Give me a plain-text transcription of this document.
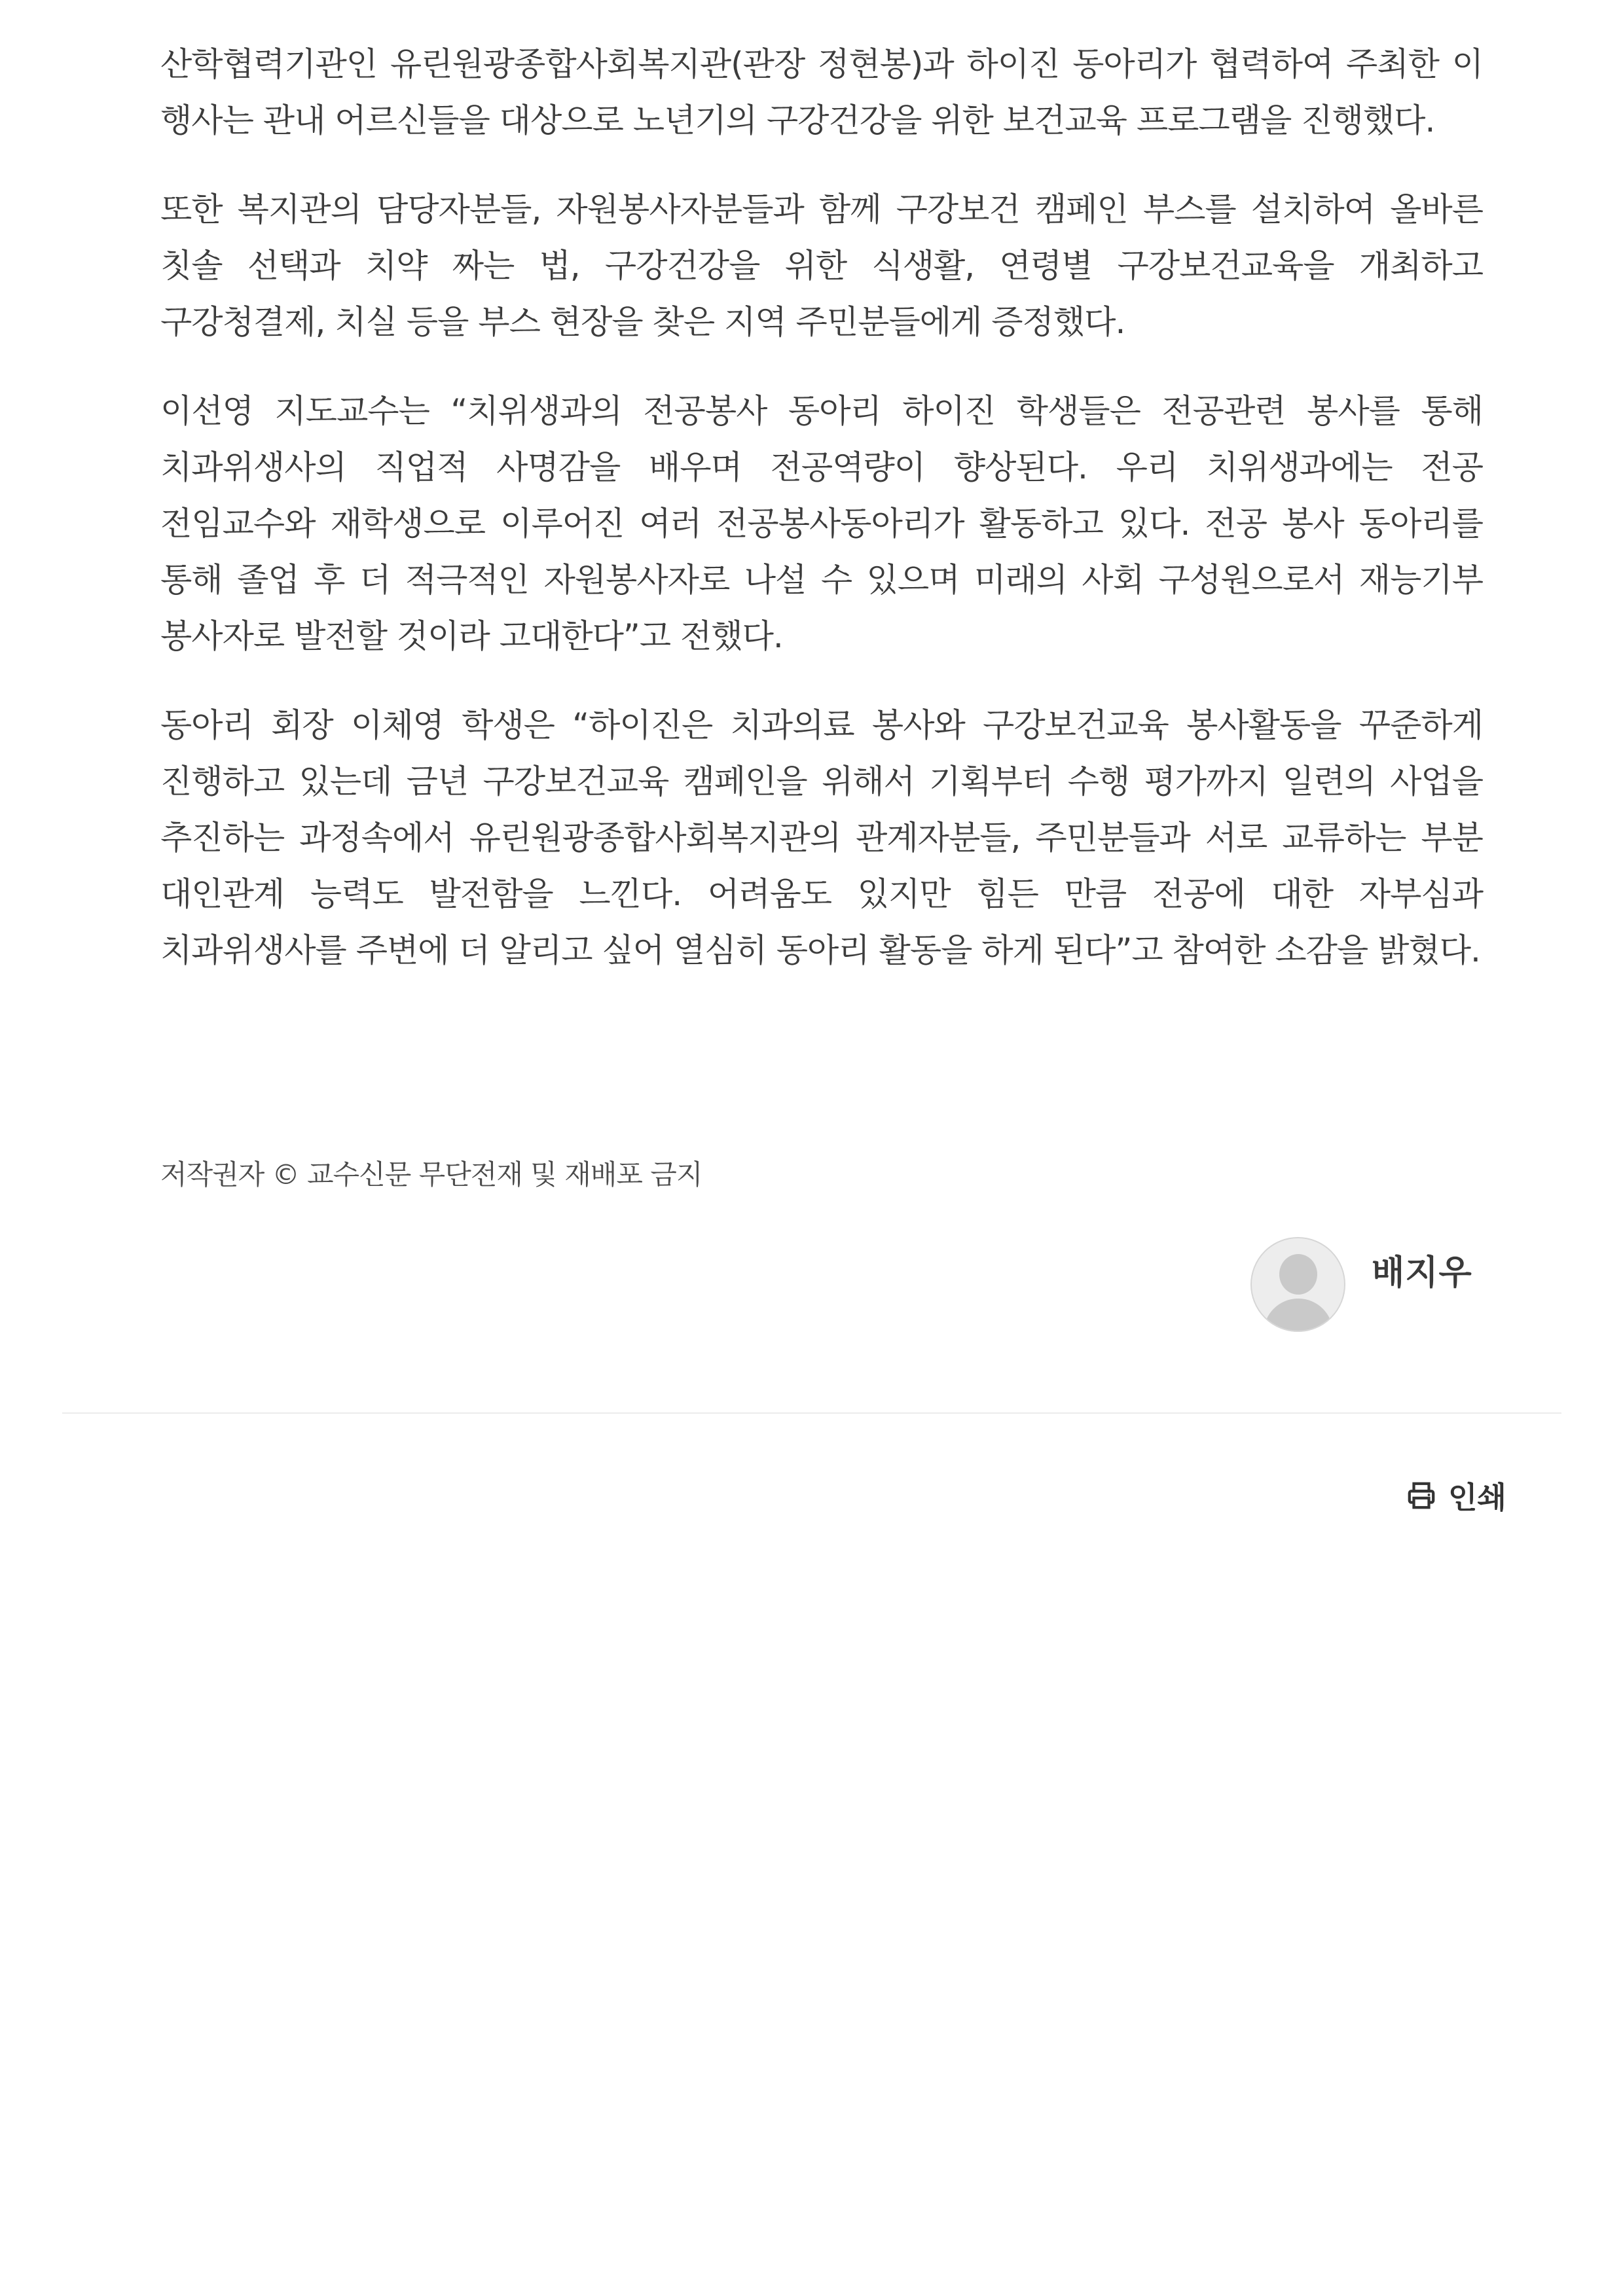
산학협력기관인 유린원광종합사회복지관(관장 정현봉)과 하이진 동아리가 협력하여 주최한 이 행사는 관내 어르신들을 대상으로 노년기의 구강건강을 위한 보건교육 프로그램을 진행했다.

또한 복지관의 담당자분들, 자원봉사자분들과 함께 구강보건 캠페인 부스를 설치하여 올바른 칫솔 선택과 치약 짜는 법, 구강건강을 위한 식생활, 연령별 구강보건교육을 개최하고 구강청결제, 치실 등을 부스 현장을 찾은 지역 주민분들에게 증정했다.

이선영 지도교수는 “치위생과의 전공봉사 동아리 하이진 학생들은 전공관련 봉사를 통해 치과위생사의 직업적 사명감을 배우며 전공역량이 향상된다. 우리 치위생과에는 전공 전임교수와 재학생으로 이루어진 여러 전공봉사동아리가 활동하고 있다. 전공 봉사 동아리를 통해 졸업 후 더 적극적인 자원봉사자로 나설 수 있으며 미래의 사회 구성원으로서 재능기부 봉사자로 발전할 것이라 고대한다”고 전했다.

동아리 회장 이체영 학생은 “하이진은 치과의료 봉사와 구강보건교육 봉사활동을 꾸준하게 진행하고 있는데 금년 구강보건교육 캠페인을 위해서 기획부터 수행 평가까지 일련의 사업을 추진하는 과정속에서 유린원광종합사회복지관의 관계자분들, 주민분들과 서로 교류하는 부분 대인관계 능력도 발전함을 느낀다. 어려움도 있지만 힘든 만큼 전공에 대한 자부심과 치과위생사를 주변에 더 알리고 싶어 열심히 동아리 활동을 하게 된다”고 참여한 소감을 밝혔다.

저작권자 © 교수신문 무단전재 및 재배포 금지
배지우
인쇄
